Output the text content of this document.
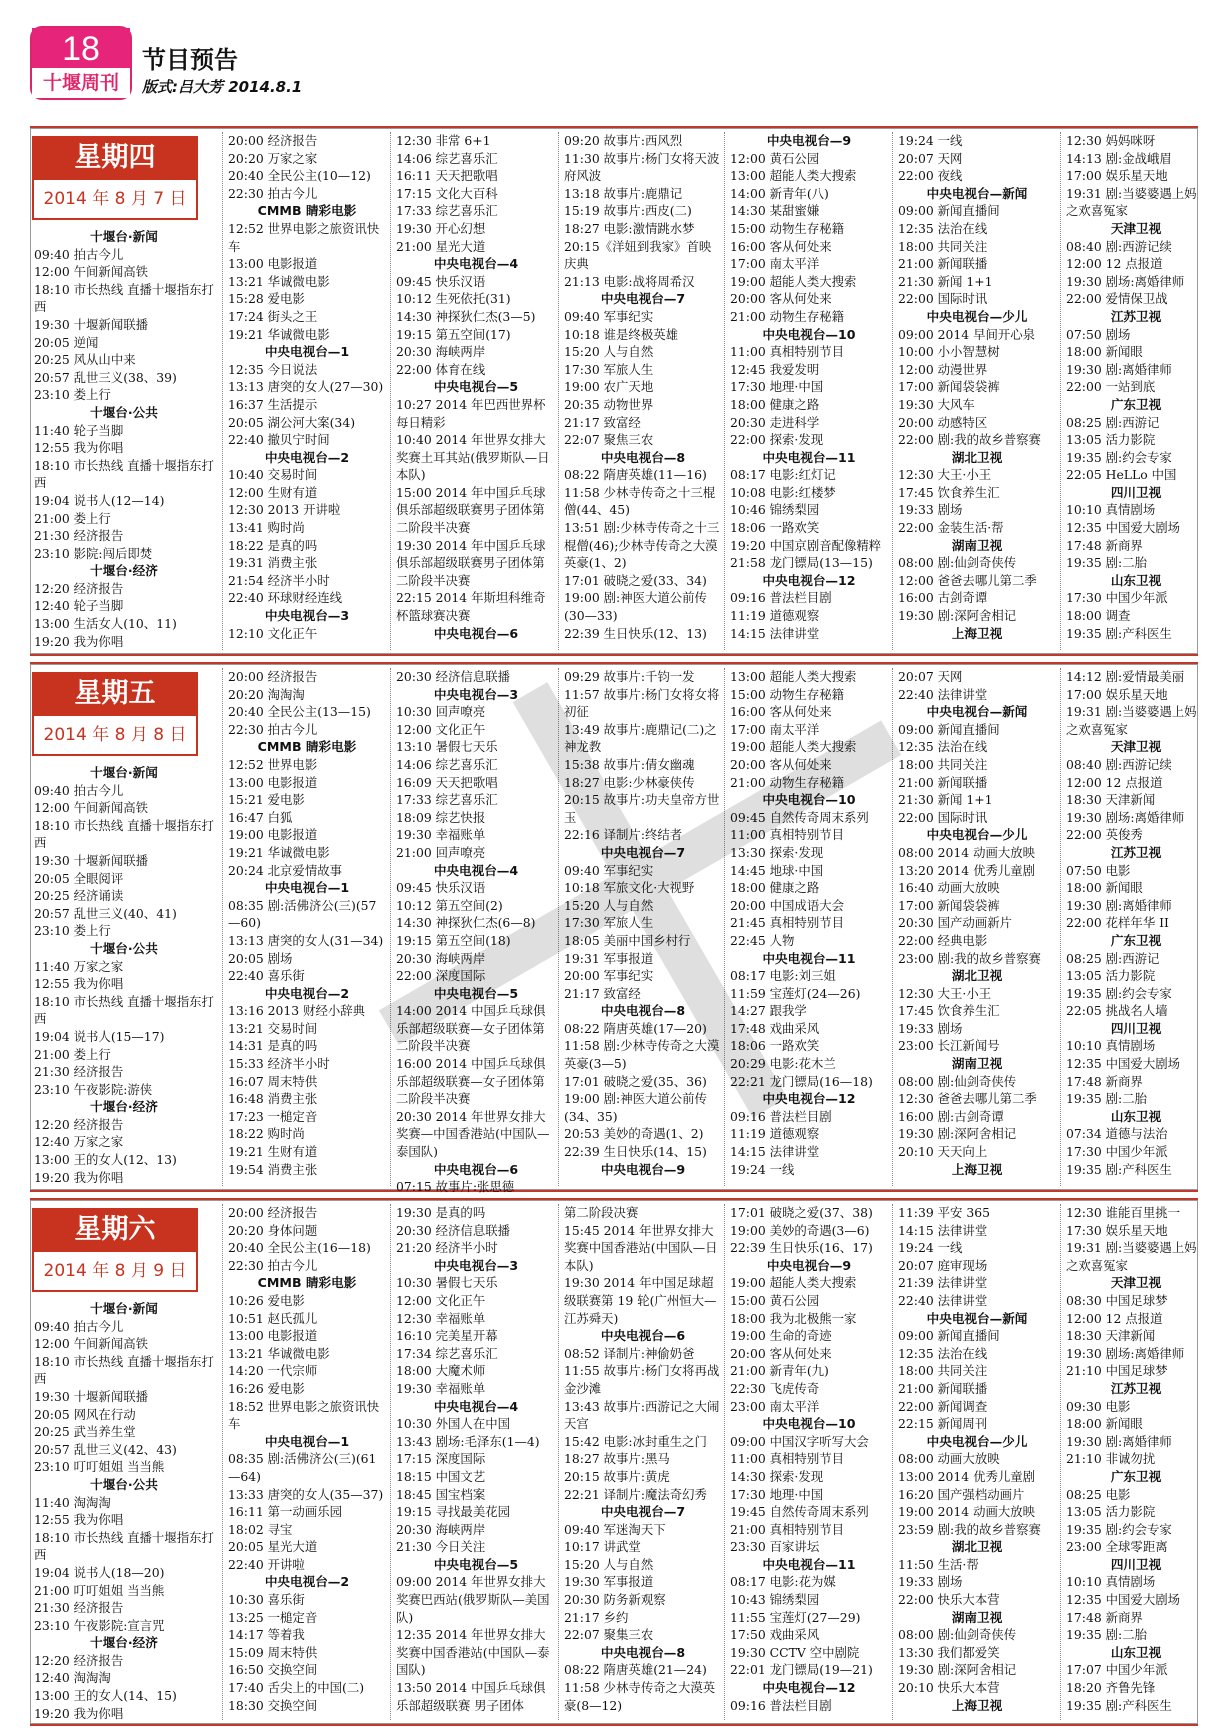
18
十堰周刊
节目预告
版式:吕大芳 2014.8.1
星期四
2014 年 8 月 7 日
十堰台·新闻
09:40 拍古今儿
12:00 午间新闻高铁
18:10 市长热线 直播十堰指东打西
19:30 十堰新闻联播
20:05 逆闻
20:25 风从山中来
20:57 乱世三义(38、39)
23:10 娄上行
十堰台·公共
11:40 轮子当脚
12:55 我为你唱
18:10 市长热线 直播十堰指东打西
19:04 说书人(12—14)
21:00 娄上行
21:30 经济报告
23:10 影院:闯后即焚
十堰台·经济
12:20 经济报告
12:40 轮子当脚
13:00 生活女人(10、11)
19:20 我为你唱
20:00 经济报告
20:20 万家之家
20:40 全民公主(10—12)
22:30 拍古今儿
CMMB 睛彩电影
12:52 世界电影之旅资讯快车
13:00 电影报道
13:21 华诚微电影
15:28 爱电影
17:24 街头之王
19:21 华诚微电影
中央电视台—1
12:35 今日说法
13:13 唐突的女人(27—30)
16:37 生活提示
20:05 湖公河大案(34)
22:40 撤贝宁时间
中央电视台—2
10:40 交易时间
12:00 生财有道
12:30 2013 开讲啦
13:41 购时尚
18:22 是真的吗
19:31 消费主张
21:54 经济半小时
22:40 环球财经连线
中央电视台—3
12:10 文化正午
12:30 非常 6+1
14:06 综艺喜乐汇
16:11 天天把歌唱
17:15 文化大百科
17:33 综艺喜乐汇
19:30 开心幻想
21:00 星光大道
中央电视台—4
09:45 快乐汉语
10:12 生死依托(31)
14:30 神探狄仁杰(3—5)
19:15 第五空间(17)
20:30 海峡两岸
22:00 体育在线
中央电视台—5
10:27 2014 年巴西世界杯每日精彩
10:40 2014 年世界女排大奖赛土耳其站(俄罗斯队—日本队)
15:00 2014 年中国乒乓球俱乐部超级联赛男子团体第二阶段半决赛
19:30 2014 年中国乒乓球俱乐部超级联赛男子团体第二阶段半决赛
22:15 2014 年斯坦科维奇杯篮球赛决赛
中央电视台—6
09:20 故事片:西风烈
11:30 故事片:杨门女将天波府风波
13:18 故事片:鹿鼎记
15:19 故事片:西皮(二)
18:27 电影:激情跳水梦
20:15《洋妞到我家》首映庆典
21:13 电影:战将周希汉
中央电视台—7
09:40 军事纪实
10:18 谁是终极英雄
15:20 人与自然
17:30 军旅人生
19:00 农广天地
20:35 动物世界
21:17 致富经
22:07 聚焦三农
中央电视台—8
08:22 隋唐英雄(11—16)
11:58 少林寺传奇之十三棍僧(44、45)
13:51 剧:少林寺传奇之十三棍僧(46);少林寺传奇之大漠英豪(1、2)
17:01 破晓之爱(33、34)
19:00 剧:神医大道公前传(30—33)
22:39 生日快乐(12、13)
中央电视台—9
12:00 黄石公园
13:00 超能人类大搜索
14:00 新青年(八)
14:30 某甜蜜嫌
15:00 动物生存秘籍
16:00 客从何处来
17:00 南太平洋
19:00 超能人类大搜索
20:00 客从何处来
21:00 动物生存秘籍
中央电视台—10
11:00 真相特别节目
12:45 我爱发明
17:30 地理·中国
18:00 健康之路
20:30 走进科学
22:00 探索·发现
中央电视台—11
08:17 电影:红灯记
10:08 电影:红楼梦
10:46 锦绣梨园
18:06 一路欢笑
19:20 中国京剧音配像精粹
21:58 龙门镖局(13—15)
中央电视台—12
09:16 普法栏目剧
11:19 道德观察
14:15 法律讲堂
19:24 一线
20:07 天网
22:00 夜线
中央电视台—新闻
09:00 新闻直播间
12:35 法治在线
18:00 共同关注
21:00 新闻联播
21:30 新闻 1+1
22:00 国际时讯
中央电视台—少儿
09:00 2014 早间开心泉
10:00 小小智慧树
12:00 动漫世界
17:00 新闻袋袋裤
19:30 大风车
20:00 动感特区
22:00 剧:我的故乡普察赛
湖北卫视
12:30 大王·小王
17:45 饮食养生汇
19:33 剧场
22:00 金装生活·帮
湖南卫视
08:00 剧:仙剑奇侠传
12:00 爸爸去哪儿第二季
16:00 古剑奇谭
19:30 剧:深阿舍相记
上海卫视
12:30 妈妈咪呀
14:13 剧:金战峨眉
17:00 娱乐星天地
19:31 剧:当婆婆遇上妈之欢喜冤家
天津卫视
08:40 剧:西游记续
12:00 12 点报道
19:30 剧场:离婚律师
22:00 爱情保卫战
江苏卫视
07:50 剧场
18:00 新闻眼
19:30 剧:离婚律师
22:00 一站到底
广东卫视
08:25 剧:西游记
13:05 活力影院
19:35 剧:约会专家
22:05 HeLLo 中国
四川卫视
10:10 真情剧场
12:35 中国爱大剧场
17:48 新商界
19:35 剧:二胎
山东卫视
17:30 中国少年派
18:00 调查
19:35 剧:产科医生
星期五
2014 年 8 月 8 日
十堰台·新闻
09:40 拍古今儿
12:00 午间新闻高铁
18:10 市长热线 直播十堰指东打西
19:30 十堰新闻联播
20:05 全眼阅评
20:25 经济诵读
20:57 乱世三义(40、41)
23:10 娄上行
十堰台·公共
11:40 万家之家
12:55 我为你唱
18:10 市长热线 直播十堰指东打西
19:04 说书人(15—17)
21:00 娄上行
21:30 经济报告
23:10 午夜影院:游侠
十堰台·经济
12:20 经济报告
12:40 万家之家
13:00 王的女人(12、13)
19:20 我为你唱
20:00 经济报告
20:20 淘淘淘
20:40 全民公主(13—15)
22:30 拍古今儿
CMMB 睛彩电影
12:52 世界电影
13:00 电影报道
15:21 爱电影
16:47 白狐
19:00 电影报道
19:21 华诚微电影
20:24 北京爱情故事
中央电视台—1
08:35 剧:活佛济公(三)(57—60)
13:13 唐突的女人(31—34)
20:05 剧场
22:40 喜乐街
中央电视台—2
13:16 2013 财经小辞典
13:21 交易时间
14:31 是真的吗
15:33 经济半小时
16:07 周末特供
16:48 消费主张
17:23 一槌定音
18:22 购时尚
19:21 生财有道
19:54 消费主张
20:30 经济信息联播
中央电视台—3
10:30 回声嘹亮
12:00 文化正午
13:10 暑假七天乐
14:06 综艺喜乐汇
16:09 天天把歌唱
17:33 综艺喜乐汇
18:09 综艺快报
19:30 幸福账单
21:00 回声嘹亮
中央电视台—4
09:45 快乐汉语
10:12 第五空间(2)
14:30 神探狄仁杰(6—8)
19:15 第五空间(18)
20:30 海峡两岸
22:00 深度国际
中央电视台—5
14:00 2014 中国乒乓球俱乐部超级联赛—女子团体第二阶段半决赛
16:00 2014 中国乒乓球俱乐部超级联赛—女子团体第二阶段半决赛
20:30 2014 年世界女排大奖赛—中国香港站(中国队—泰国队)
中央电视台—6
07:15 故事片:张思德
09:29 故事片:千钧一发
11:57 故事片:杨门女将女将初征
13:49 故事片:鹿鼎记(二)之神龙教
15:38 故事片:倩女幽魂
18:27 电影:少林豪侠传
20:15 故事片:功夫皇帝方世玉
22:16 译制片:终结者
中央电视台—7
09:40 军事纪实
10:18 军旅文化·大视野
15:20 人与自然
17:30 军旅人生
18:05 美丽中国乡村行
19:31 军事报道
20:00 军事纪实
21:17 致富经
中央电视台—8
08:22 隋唐英雄(17—20)
11:58 剧:少林寺传奇之大漠英豪(3—5)
17:01 破晓之爱(35、36)
19:00 剧:神医大道公前传(34、35)
20:53 美妙的奇遇(1、2)
22:39 生日快乐(14、15)
中央电视台—9
13:00 超能人类大搜索
15:00 动物生存秘籍
16:00 客从何处来
17:00 南太平洋
19:00 超能人类大搜索
20:00 客从何处来
21:00 动物生存秘籍
中央电视台—10
09:45 自然传奇周末系列
11:00 真相特别节目
13:30 探索·发现
14:45 地球·中国
18:00 健康之路
20:00 中国成语大会
21:45 真相特别节目
22:45 人物
中央电视台—11
08:17 电影:刘三姐
11:59 宝莲灯(24—26)
14:27 跟我学
17:48 戏曲采风
18:06 一路欢笑
20:29 电影:花木兰
22:21 龙门镖局(16—18)
中央电视台—12
09:16 普法栏目剧
11:19 道德观察
14:15 法律讲堂
19:24 一线
20:07 天网
22:40 法律讲堂
中央电视台—新闻
09:00 新闻直播间
12:35 法治在线
18:00 共同关注
21:00 新闻联播
21:30 新闻 1+1
22:00 国际时讯
中央电视台—少儿
08:00 2014 动画大放映
13:20 2014 优秀儿童剧
16:40 动画大放映
17:00 新闻袋袋裤
20:30 国产动画新片
22:00 经典电影
23:00 剧:我的故乡普察赛
湖北卫视
12:30 大王·小王
17:45 饮食养生汇
19:33 剧场
23:00 长江新闻号
湖南卫视
08:00 剧:仙剑奇侠传
12:30 爸爸去哪儿第二季
16:00 剧:古剑奇谭
19:30 剧:深阿舍相记
20:10 天天向上
上海卫视
14:12 剧:爱情最美丽
17:00 娱乐星天地
19:31 剧:当婆婆遇上妈之欢喜冤家
天津卫视
08:40 剧:西游记续
12:00 12 点报道
18:30 天津新闻
19:30 剧场:离婚律师
22:00 英俊秀
江苏卫视
07:50 电影
18:00 新闻眼
19:30 剧:离婚律师
22:00 花样年华 II
广东卫视
08:25 剧:西游记
13:05 活力影院
19:35 剧:约会专家
22:05 挑战名人墙
四川卫视
10:10 真情剧场
12:35 中国爱大剧场
17:48 新商界
19:35 剧:二胎
山东卫视
07:34 道德与法治
17:30 中国少年派
19:35 剧:产科医生
星期六
2014 年 8 月 9 日
十堰台·新闻
09:40 拍古今儿
12:00 午间新闻高铁
18:10 市长热线 直播十堰指东打西
19:30 十堰新闻联播
20:05 网风在行动
20:25 武当养生堂
20:57 乱世三义(42、43)
23:10 叮叮姐姐 当当熊
十堰台·公共
11:40 淘淘淘
12:55 我为你唱
18:10 市长热线 直播十堰指东打西
19:04 说书人(18—20)
21:00 叮叮姐姐 当当熊
21:30 经济报告
23:10 午夜影院:宣言咒
十堰台·经济
12:20 经济报告
12:40 淘淘淘
13:00 王的女人(14、15)
19:20 我为你唱
20:00 经济报告
20:20 身体问题
20:40 全民公主(16—18)
22:30 拍古今儿
CMMB 睛彩电影
10:26 爱电影
10:51 赵氏孤儿
13:00 电影报道
13:21 华诚微电影
14:20 一代宗师
16:26 爱电影
18:52 世界电影之旅资讯快车
中央电视台—1
08:35 剧:活佛济公(三)(61—64)
13:33 唐突的女人(35—37)
16:11 第一动画乐园
18:02 寻宝
20:05 星光大道
22:40 开讲啦
中央电视台—2
10:30 喜乐街
13:25 一槌定音
14:17 等着我
15:09 周末特供
16:50 交换空间
17:40 舌尖上的中国(二)
18:30 交换空间
19:30 是真的吗
20:30 经济信息联播
21:20 经济半小时
中央电视台—3
10:30 暑假七天乐
12:00 文化正午
12:30 幸福账单
16:10 完美星开幕
17:34 综艺喜乐汇
18:00 大魔术师
19:30 幸福账单
中央电视台—4
10:30 外国人在中国
13:43 剧场:毛泽东(1—4)
17:15 深度国际
18:15 中国文艺
18:45 国宝档案
19:15 寻找最美花园
20:30 海峡两岸
21:30 今日关注
中央电视台—5
09:00 2014 年世界女排大奖赛巴西站(俄罗斯队—美国队)
12:35 2014 年世界女排大奖赛中国香港站(中国队—泰国队)
13:50 2014 中国乒乓球俱乐部超级联赛 男子团体
第二阶段决赛
15:45 2014 年世界女排大奖赛中国香港站(中国队—日本队)
19:30 2014 年中国足球超级联赛第 19 轮(广州恒大—江苏舜天)
中央电视台—6
08:52 译制片:神偷奶爸
11:55 故事片:杨门女将再战金沙滩
13:43 故事片:西游记之大闹天宫
15:42 电影:冰封重生之门
18:27 故事片:黑马
20:15 故事片:黄虎
22:21 译制片:魔法奇幻秀
中央电视台—7
09:40 军迷淘天下
10:17 讲武堂
15:20 人与自然
19:30 军事报道
20:30 防务新观察
21:17 乡约
22:07 聚集三农
中央电视台—8
08:22 隋唐英雄(21—24)
11:58 少林寺传奇之大漠英豪(8—12)
17:01 破晓之爱(37、38)
19:00 美妙的奇遇(3—6)
22:39 生日快乐(16、17)
中央电视台—9
19:00 超能人类大搜索
15:00 黄石公园
18:00 我为北极熊一家
19:00 生命的奇迹
20:00 客从何处来
21:00 新青年(九)
22:30 飞虎传奇
23:00 南太平洋
中央电视台—10
09:00 中国汉字听写大会
11:00 真相特别节目
14:30 探索·发现
17:30 地理·中国
19:45 自然传奇周末系列
21:00 真相特别节目
23:30 百家讲坛
中央电视台—11
08:17 电影:花为媒
10:43 锦绣梨园
11:55 宝莲灯(27—29)
17:50 戏曲采风
19:30 CCTV 空中剧院
22:01 龙门镖局(19—21)
中央电视台—12
09:16 普法栏目剧
11:39 平安 365
14:15 法律讲堂
19:24 一线
20:07 庭审现场
21:39 法律讲堂
22:40 法律讲堂
中央电视台—新闻
09:00 新闻直播间
12:35 法治在线
18:00 共同关注
21:00 新闻联播
22:00 新闻调查
22:15 新闻周刊
中央电视台—少儿
08:00 动画大放映
13:00 2014 优秀儿童剧
16:20 国产强档动画片
19:00 2014 动画大放映
23:59 剧:我的故乡普察赛
湖北卫视
11:50 生活·帮
19:33 剧场
22:00 快乐大本营
湖南卫视
08:00 剧:仙剑奇侠传
13:30 我们都爱笑
19:30 剧:深阿舍相记
20:10 快乐大本营
上海卫视
12:30 谁能百里挑一
17:30 娱乐星天地
19:31 剧:当婆婆遇上妈之欢喜冤家
天津卫视
08:30 中国足球梦
12:00 12 点报道
18:30 天津新闻
19:30 剧场:离婚律师
21:10 中国足球梦
江苏卫视
09:30 电影
18:00 新闻眼
19:30 剧:离婚律师
21:10 非诚勿扰
广东卫视
08:25 电影
13:05 活力影院
19:35 剧:约会专家
23:00 全球零距离
四川卫视
10:10 真情剧场
12:35 中国爱大剧场
17:48 新商界
19:35 剧:二胎
山东卫视
17:07 中国少年派
18:20 齐鲁先锋
19:35 剧:产科医生
